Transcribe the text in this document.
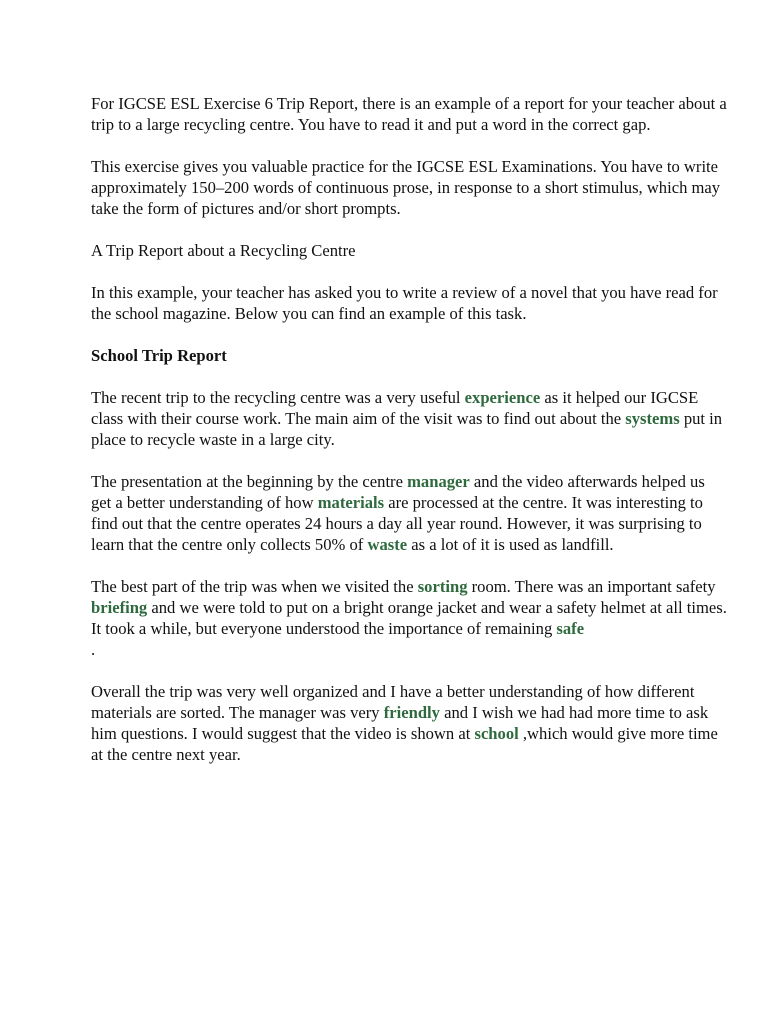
For IGCSE ESL Exercise 6 Trip Report, there is an example of a report for your teacher about a trip to a large recycling centre. You have to read it and put a word in the correct gap.

This exercise gives you valuable practice for the IGCSE ESL Examinations. You have to write approximately 150–200 words of continuous prose, in response to a short stimulus, which may take the form of pictures and/or short prompts.

A Trip Report about a Recycling Centre

In this example, your teacher has asked you to write a review of a novel that you have read for the school magazine. Below you can find an example of this task.

School Trip Report

The recent trip to the recycling centre was a very useful experience as it helped our IGCSE class with their course work. The main aim of the visit was to find out about the systems put in place to recycle waste in a large city.

The presentation at the beginning by the centre manager and the video afterwards helped us get a better understanding of how materials are processed at the centre. It was interesting to find out that the centre operates 24 hours a day all year round. However, it was surprising to learn that the centre only collects 50% of waste as a lot of it is used as landfill.

The best part of the trip was when we visited the sorting room. There was an important safety briefing and we were told to put on a bright orange jacket and wear a safety helmet at all times. It took a while, but everyone understood the importance of remaining safe

.

Overall the trip was very well organized and I have a better understanding of how different materials are sorted. The manager was very friendly and I wish we had had more time to ask him questions. I would suggest that the video is shown at school ,which would give more time at the centre next year.
